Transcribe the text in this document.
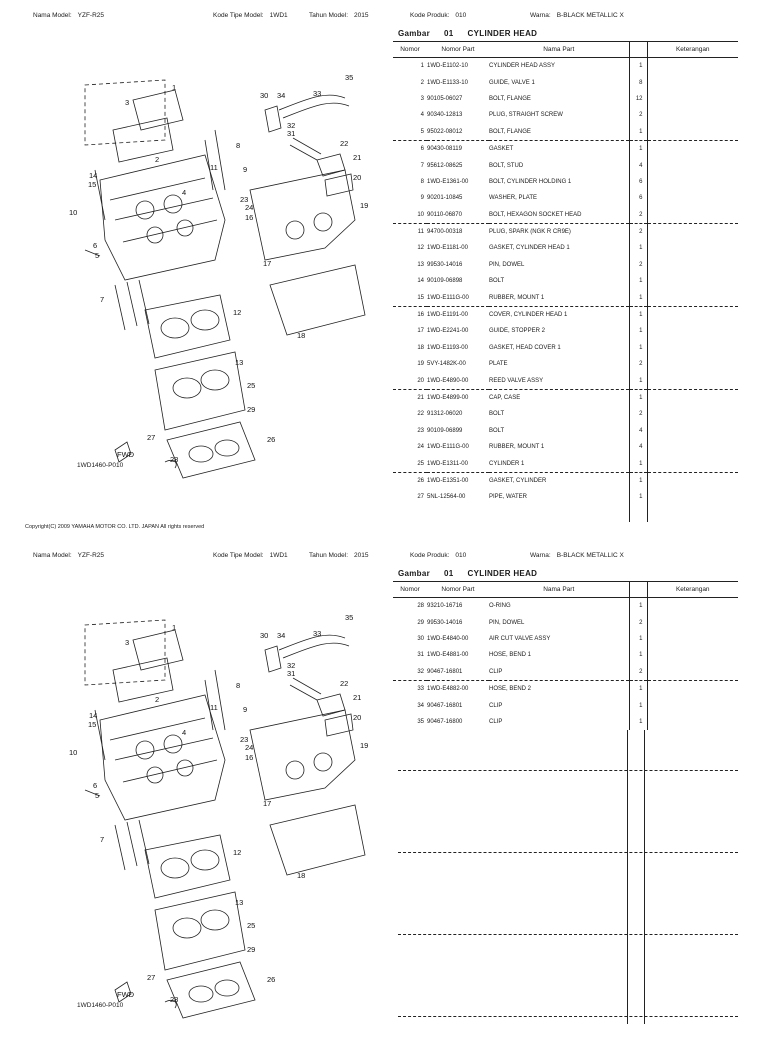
Nama Model: YZF-R25	Kode Tipe Model: 1WD1	Tahun Model: 2015	Kode Produk: 010	Warna: B-BLACK METALLIC X
Gambar 01 CYLINDER HEAD
1
2
3
4
5
6
7
8
9
10
11
12
13
14
15
16
17
18
19
20
21
22
23
24
25
26
27
28
29
30
31
32
33
34
35
FWD
1WD1460-P010
Nomor	Nomor Part	Nama Part		Keterangan
1	1WD-E1102-10	CYLINDER HEAD ASSY	1	
2	1WD-E1133-10	GUIDE, VALVE 1	8	
3	90105-06027	BOLT, FLANGE	12	
4	90340-12813	PLUG, STRAIGHT SCREW	2	
5	95022-08012	BOLT, FLANGE	1	
6	90430-08119	GASKET	1	
7	95612-08625	BOLT, STUD	4	
8	1WD-E1361-00	BOLT, CYLINDER HOLDING 1	6	
9	90201-10845	WASHER, PLATE	6	
10	90110-06870	BOLT, HEXAGON SOCKET HEAD	2	
11	94700-00318	PLUG, SPARK (NGK R CR9E)	2	
12	1WD-E1181-00	GASKET, CYLINDER HEAD 1	1	
13	99530-14016	PIN, DOWEL	2	
14	90109-06898	BOLT	1	
15	1WD-E111G-00	RUBBER, MOUNT 1	1	
16	1WD-E1191-00	COVER, CYLINDER HEAD 1	1	
17	1WD-E2241-00	GUIDE, STOPPER 2	1	
18	1WD-E1193-00	GASKET, HEAD COVER 1	1	
19	5VY-1482K-00	PLATE	2	
20	1WD-E4890-00	REED VALVE ASSY	1	
21	1WD-E4899-00	CAP, CASE	1	
22	91312-06020	BOLT	2	
23	90109-06899	BOLT	4	
24	1WD-E111G-00	RUBBER, MOUNT 1	4	
25	1WD-E1311-00	CYLINDER 1	1	
26	1WD-E1351-00	GASKET, CYLINDER	1	
27	5NL-12564-00	PIPE, WATER	1	

Copyright(C) 2009 YAMAHA MOTOR CO. LTD. JAPAN All rights reserved
Nama Model: YZF-R25	Kode Tipe Model: 1WD1	Tahun Model: 2015	Kode Produk: 010	Warna: B-BLACK METALLIC X
Gambar 01 CYLINDER HEAD
1
2
3
4
5
6
7
8
9
10
11
12
13
14
15
16
17
18
19
20
21
22
23
24
25
26
27
28
29
30
31
32
33
34
35
FWD
1WD1460-P010
Nomor	Nomor Part	Nama Part		Keterangan
28	93210-16716	O-RING	1	
29	99530-14016	PIN, DOWEL	2	
30	1WD-E4840-00	AIR CUT VALVE ASSY	1	
31	1WD-E4881-00	HOSE, BEND 1	1	
32	90467-16801	CLIP	2	
33	1WD-E4882-00	HOSE, BEND 2	1	
34	90467-16801	CLIP	1	
35	90467-16800	CLIP	1	
